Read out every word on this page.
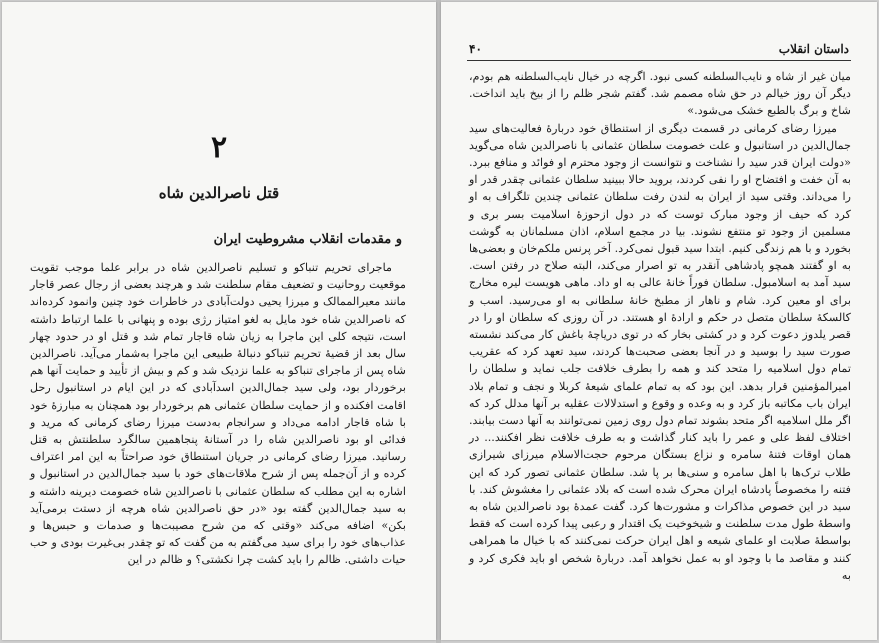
۲
قتل ناصرالدین شاه
و مقدمات انقلاب مشروطیت ایران

ماجرای تحریم تنباکو و تسلیم ناصرالدین شاه در برابر علما موجب تقویت موقعیت روحانیت و تضعیف مقام سلطنت شد و هرچند بعضی از رجال عصر قاجار مانند معیرالممالک و میرزا یحیی دولت‌آبادی در خاطرات خود چنین وانمود کرده‌اند که ناصرالدین شاه خود مایل به لغو امتیاز رژی بوده و پنهانی با علما ارتباط داشته است، نتیجه کلی این ماجرا به زیان شاه قاجار تمام شد و قتل او در حدود چهار سال بعد از قضیهٔ تحریم تنباکو دنبالهٔ طبیعی این ماجرا به‌شمار می‌آید. ناصرالدین شاه پس از ماجرای تنباکو به علما نزدیک شد و کم و بیش از تأیید و حمایت آنها هم برخوردار بود، ولی سید جمال‌الدین اسدآبادی که در این ایام در استانبول رحل اقامت افکنده و از حمایت سلطان عثمانی هم برخوردار بود همچنان به مبارزهٔ خود با شاه قاجار ادامه می‌داد و سرانجام به‌دست میرزا رضای کرمانی که مرید و فدائی او بود ناصرالدین شاه را در آستانهٔ پنجاهمین سالگرد سلطنتش به قتل رسانید. میرزا رضای کرمانی در جریان استنطاق خود صراحتاً به این امر اعتراف کرده و از آن‌جمله پس از شرح ملاقات‌های خود با سید جمال‌الدین در استانبول و اشاره به این مطلب که سلطان عثمانی با ناصرالدین شاه خصومت دیرینه داشته و به سید جمال‌الدین گفته بود «در حق ناصرالدین شاه هرچه از دستت برمی‌آید بکن» اضافه می‌کند «وقتی که من شرح مصیبت‌ها و صدمات و حبس‌ها و عذاب‌های خود را برای سید می‌گفتم به من گفت که تو چقدر بی‌غیرت بودی و حب حیات داشتی. ظالم را باید کشت چرا نکشتی؟ و ظالم در این

۴۰	داستان انقلاب

میان غیر از شاه و نایب‌السلطنه کسی نبود. اگرچه در خیال نایب‌السلطنه هم بودم، دیگر آن روز خیالم در حق شاه مصمم شد. گفتم شجر ظلم را از بیخ باید انداخت. شاخ و برگ بالطبع خشک می‌شود.»

میرزا رضای کرمانی در قسمت دیگری از استنطاق خود دربارهٔ فعالیت‌های سید جمال‌الدین در استانبول و علت خصومت سلطان عثمانی با ناصرالدین شاه می‌گوید «دولت ایران قدر سید را نشناخت و نتوانست از وجود محترم او فوائد و منافع ببرد. به آن خفت و افتضاح او را نفی کردند، بروید حالا ببینید سلطان عثمانی چقدر قدر او را می‌داند. وقتی سید از ایران به لندن رفت سلطان عثمانی چندین تلگراف به او کرد که حیف از وجود مبارک توست که در دول ازحوزهٔ اسلامیت بسر بری و مسلمین از وجود تو منتفع نشوند. بیا در مجمع اسلام، اذان مسلمانان به گوشت بخورد و با هم زندگی کنیم. ابتدا سید قبول نمی‌کرد. آخر پرنس ملکم‌خان و بعضی‌ها به او گفتند همچو پادشاهی آنقدر به تو اصرار می‌کند، البته صلاح در رفتن است. سید آمد به اسلامبول. سلطان فوراً خانهٔ عالی به او داد. ماهی هویست لیره مخارج برای او معین کرد. شام و ناهار از مطبخ خانهٔ سلطانی به او می‌رسید. اسب و کالسکهٔ سلطان متصل در حکم و ارادهٔ او هستند. در آن روزی که سلطان او را در قصر یلدوز دعوت کرد و در کشتی بخار که در توی دریاچهٔ باغش کار می‌کند نشسته صورت سید را بوسید و در آنجا بعضی صحبت‌ها کردند، سید تعهد کرد که عقریب تمام دول اسلامیه را متحد کند و همه را بطرف خلافت جلب نماید و سلطان را امیرالمؤمنین قرار بدهد. این بود که به تمام علمای شیعهٔ کربلا و نجف و تمام بلاد ایران باب مکاتبه باز کرد و به وعده و وقوع و استدلالات عقلیه بر آنها مدلل کرد که اگر ملل اسلامیه اگر متحد بشوند تمام دول روی زمین نمی‌توانند به آنها دست بیابند. اختلاف لفظ علی و عمر را باید کنار گذاشت و به طرف خلافت نظر افکنند... در همان اوقات فتنهٔ سامره و نزاع بستگان مرحوم حجت‌الاسلام میرزای شیرازی طلاب ترک‌ها با اهل سامره و سنی‌ها بر پا شد. سلطان عثمانی تصور کرد که این فتنه را مخصوصاً پادشاه ایران محرک شده است که بلاد عثمانی را مغشوش کند. با سید در این خصوص مذاکرات و مشورت‌ها کرد. گفت عمدهٔ بود ناصرالدین شاه به واسطهٔ طول مدت سلطنت و شیخوخیت یک اقتدار و رعبی پیدا کرده است که فقط بواسطهٔ صلابت او علمای شیعه و اهل ایران حرکت نمی‌کنند که با خیال ما همراهی کنند و مقاصد ما با وجود او به عمل نخواهد آمد. دربارهٔ شخص او باید فکری کرد و به
